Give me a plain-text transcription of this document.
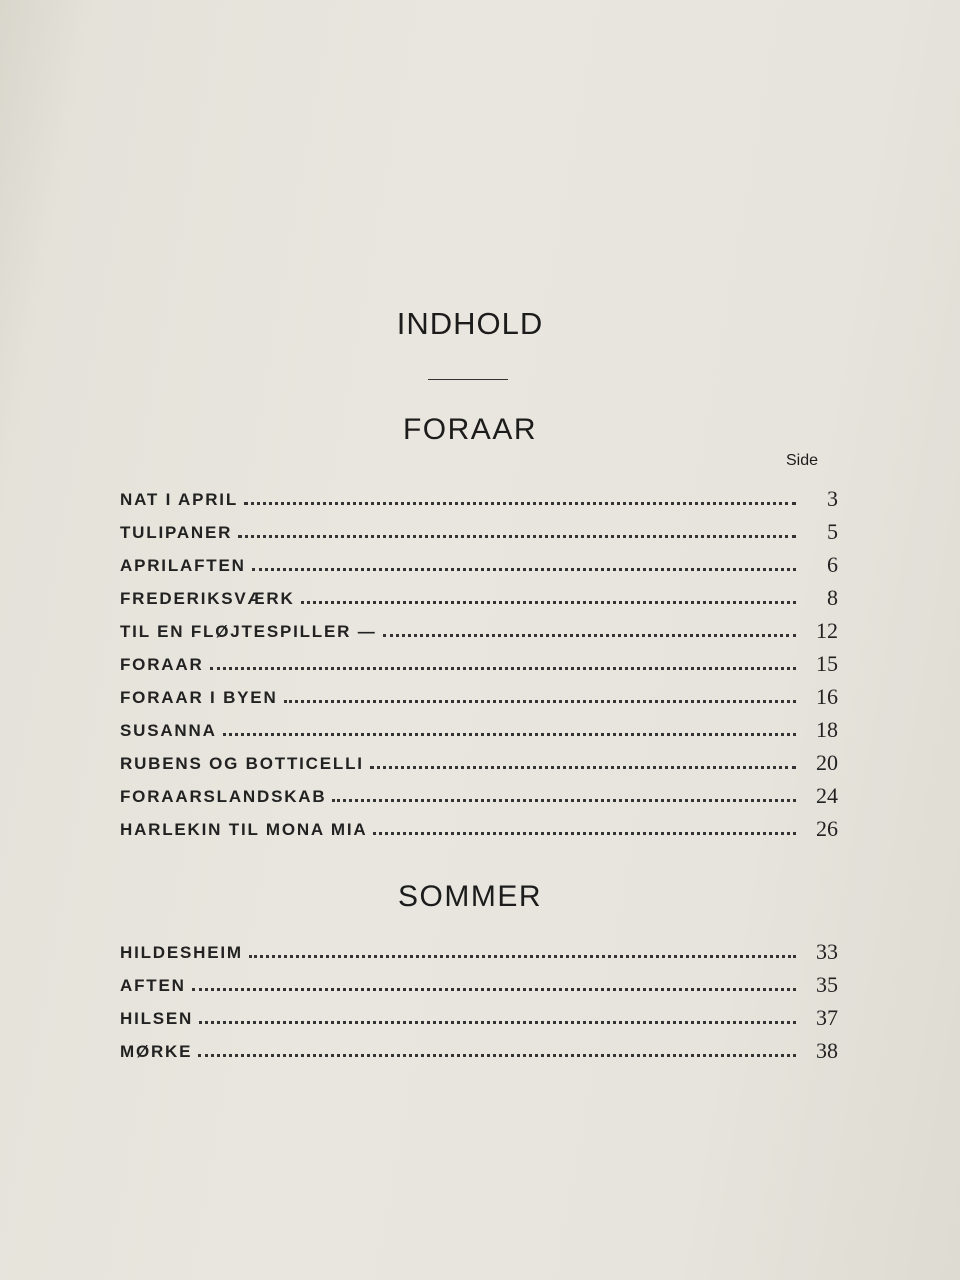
INDHOLD
FORAAR
Side
NAT I APRIL	3
TULIPANER	5
APRILAFTEN	6
FREDERIKSVÆRK	8
TIL EN FLØJTESPILLER —	12
FORAAR	15
FORAAR I BYEN	16
SUSANNA	18
RUBENS OG BOTTICELLI	20
FORAARSLANDSKAB	24
HARLEKIN TIL MONA MIA	26
SOMMER
HILDESHEIM	33
AFTEN	35
HILSEN	37
MØRKE	38
